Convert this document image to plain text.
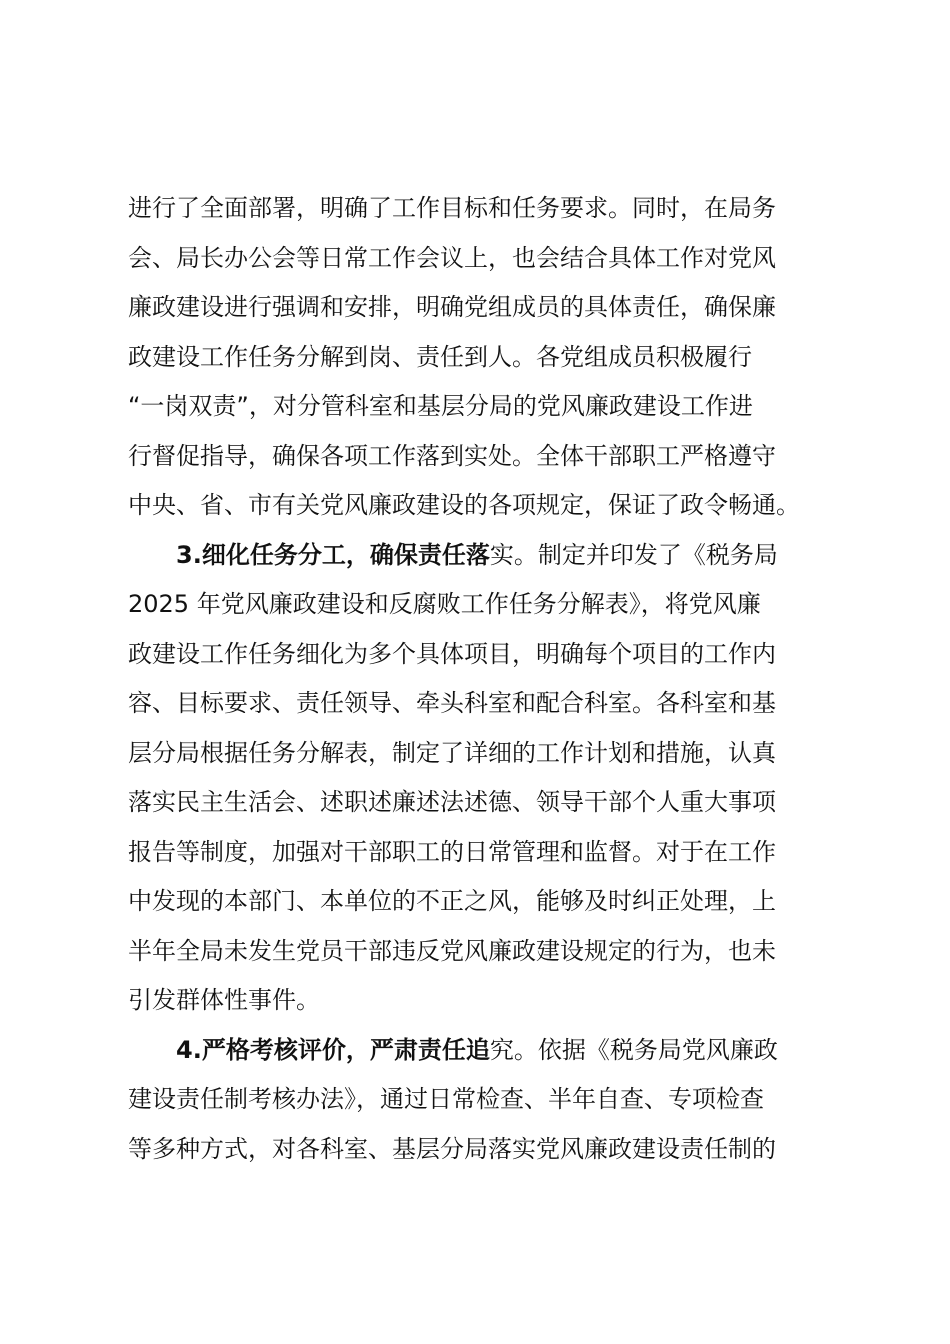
进行了全面部署，明确了工作目标和任务要求。同时，在局务
会、局长办公会等日常工作会议上，也会结合具体工作对党风
廉政建设进行强调和安排，明确党组成员的具体责任，确保廉
政建设工作任务分解到岗、责任到人。各党组成员积极履行
“一岗双责”，对分管科室和基层分局的党风廉政建设工作进
行督促指导，确保各项工作落到实处。全体干部职工严格遵守
中央、省、市有关党风廉政建设的各项规定，保证了政令畅通。
3.细化任务分工，确保责任落实。制定并印发了《税务局
2025 年党风廉政建设和反腐败工作任务分解表》，将党风廉
政建设工作任务细化为多个具体项目，明确每个项目的工作内
容、目标要求、责任领导、牵头科室和配合科室。各科室和基
层分局根据任务分解表，制定了详细的工作计划和措施，认真
落实民主生活会、述职述廉述法述德、领导干部个人重大事项
报告等制度，加强对干部职工的日常管理和监督。对于在工作
中发现的本部门、本单位的不正之风，能够及时纠正处理，上
半年全局未发生党员干部违反党风廉政建设规定的行为，也未
引发群体性事件。
4.严格考核评价，严肃责任追究。依据《税务局党风廉政
建设责任制考核办法》，通过日常检查、半年自查、专项检查
等多种方式，对各科室、基层分局落实党风廉政建设责任制的
